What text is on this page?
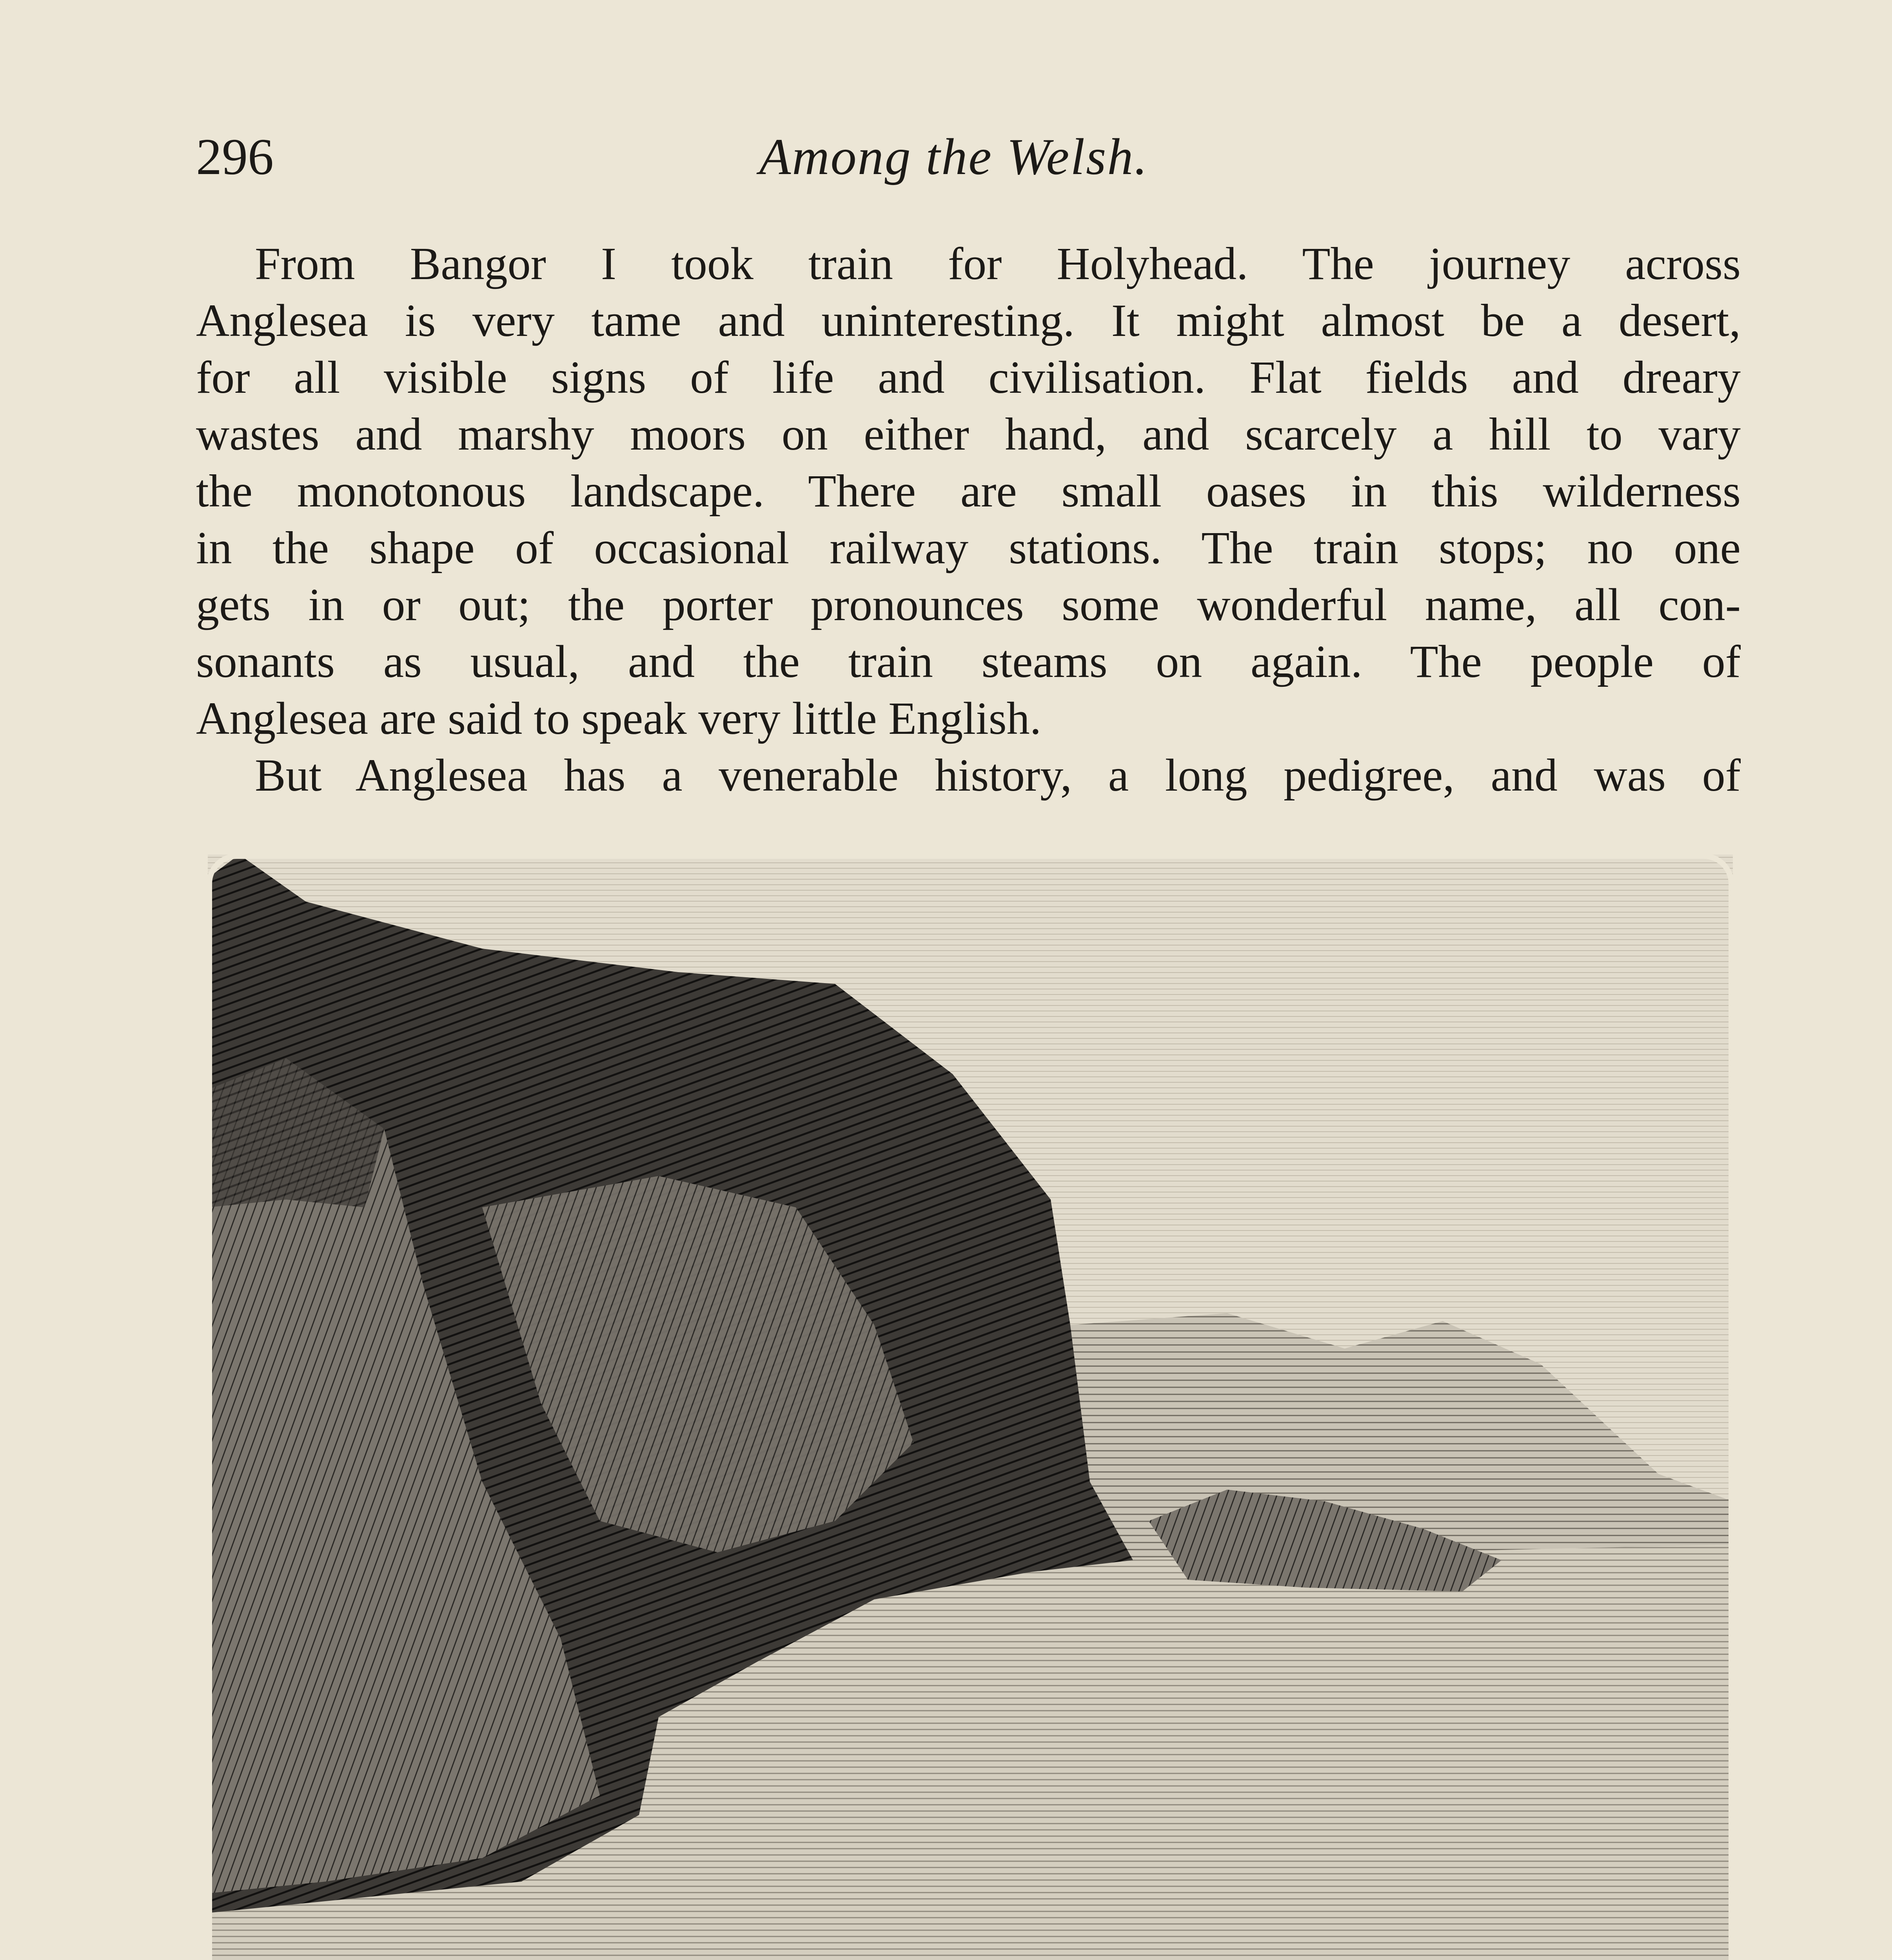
296	Among the Welsh.
From Bangor I took train for Holyhead. The journey across
Anglesea is very tame and uninteresting. It might almost be a desert,
for all visible signs of life and civilisation. Flat fields and dreary
wastes and marshy moors on either hand, and scarcely a hill to vary
the monotonous landscape. There are small oases in this wilderness
in the shape of occasional railway stations. The train stops; no one
gets in or out; the porter pronounces some wonderful name, all con-
sonants as usual, and the train steams on again. The people of
Anglesea are said to speak very little English.
But Anglesea has a venerable history, a long pedigree, and was of
